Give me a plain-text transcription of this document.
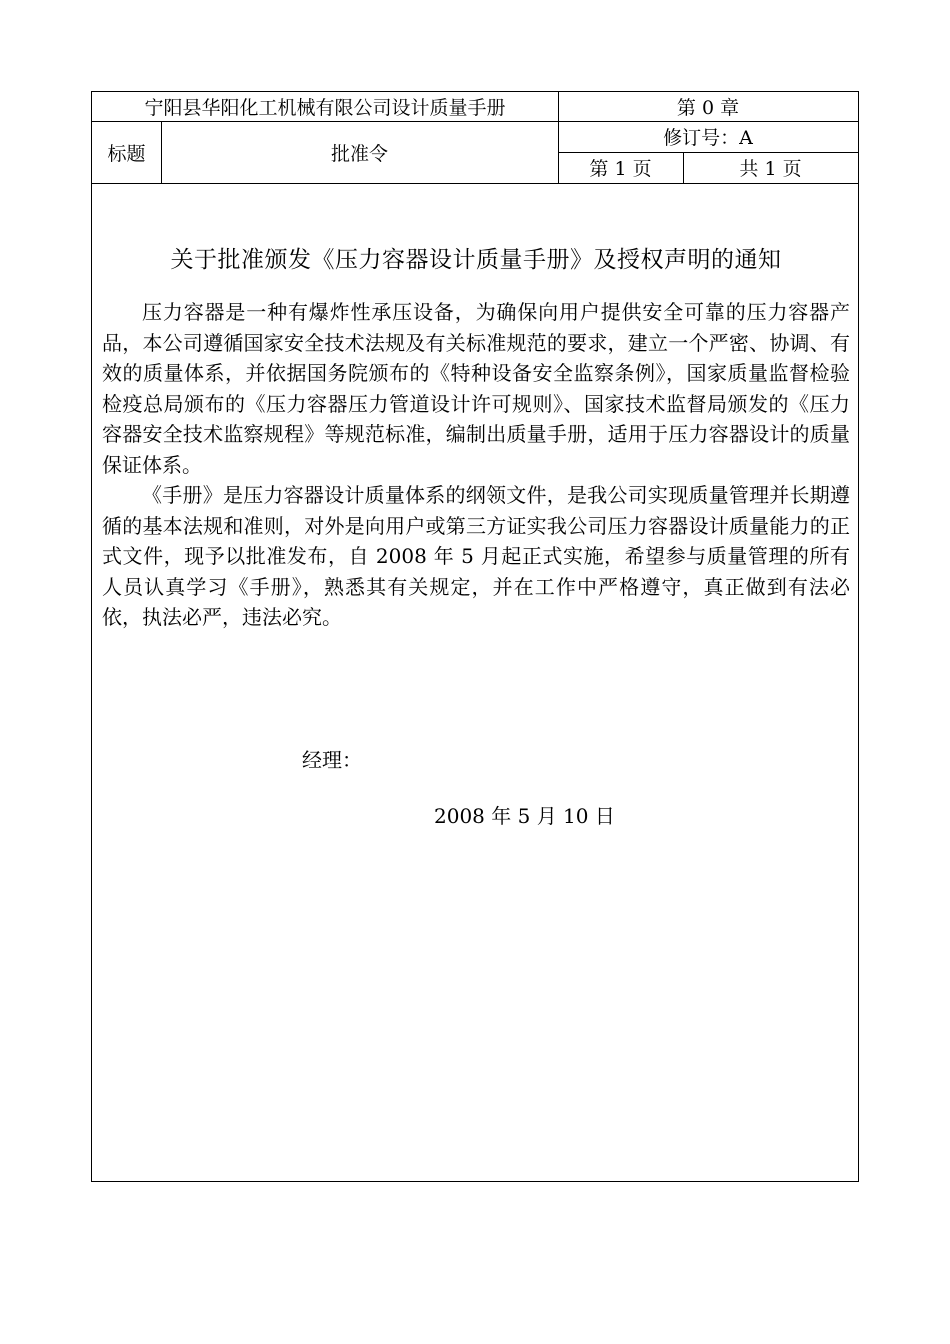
宁阳县华阳化工机械有限公司设计质量手册	第 0 章
标题	批准令
修订号：A
第 1 页	共 1 页
关于批准颁发《压力容器设计质量手册》及授权声明的通知

压力容器是一种有爆炸性承压设备，为确保向用户提供安全可靠的压力容器产品，本公司遵循国家安全技术法规及有关标准规范的要求，建立一个严密、协调、有效的质量体系，并依据国务院颁布的《特种设备安全监察条例》，国家质量监督检验检疫总局颁布的《压力容器压力管道设计许可规则》、国家技术监督局颁发的《压力容器安全技术监察规程》等规范标准，编制出质量手册，适用于压力容器设计的质量保证体系。

《手册》是压力容器设计质量体系的纲领文件，是我公司实现质量管理并长期遵循的基本法规和准则，对外是向用户或第三方证实我公司压力容器设计质量能力的正式文件，现予以批准发布，自 2008 年 5 月起正式实施，希望参与质量管理的所有人员认真学习《手册》，熟悉其有关规定，并在工作中严格遵守，真正做到有法必依，执法必严，违法必究。

经理：
2008 年 5 月 10 日
